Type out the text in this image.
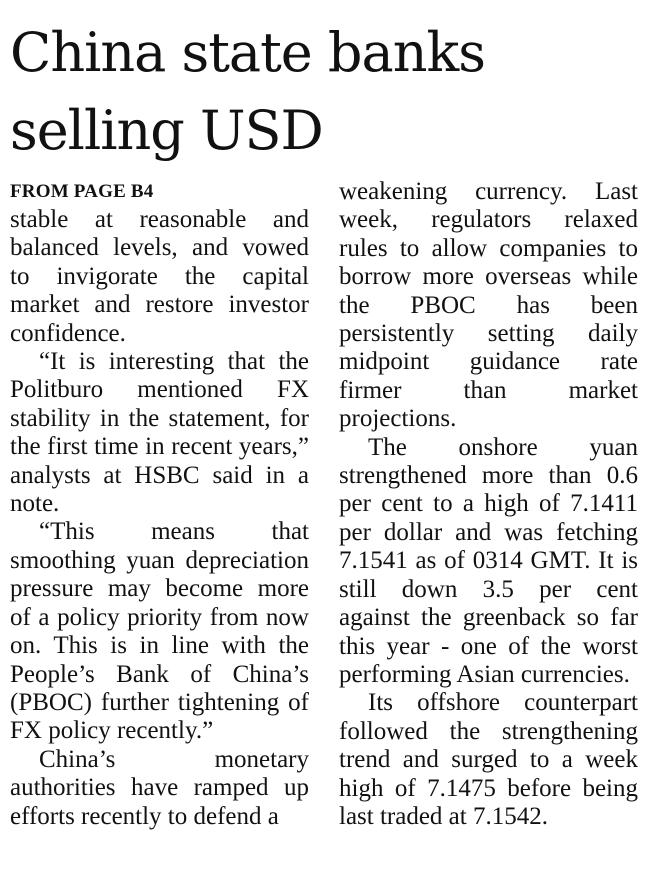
China state banks selling USD
FROM PAGE B4

stable at reasonable and balanced levels, and vowed to invigorate the capital market and restore investor confidence.

“It is interesting that the Politburo mentioned FX stability in the statement, for the first time in recent years,” analysts at HSBC said in a note.

“This means that smoothing yuan depreciation pressure may become more of a policy priority from now on. This is in line with the People’s Bank of China’s (PBOC) further tightening of FX policy recently.”

China’s monetary authorities have ramped up efforts recently to defend a

weakening currency. Last week, regulators relaxed rules to allow companies to borrow more overseas while the PBOC has been persistently setting daily midpoint guidance rate firmer than market projections.

The onshore yuan strengthened more than 0.6 per cent to a high of 7.1411 per dollar and was fetching 7.1541 as of 0314 GMT. It is still down 3.5 per cent against the greenback so far this year - one of the worst performing Asian currencies.

Its offshore counterpart followed the strengthening trend and surged to a week high of 7.1475 before being last traded at 7.1542.
